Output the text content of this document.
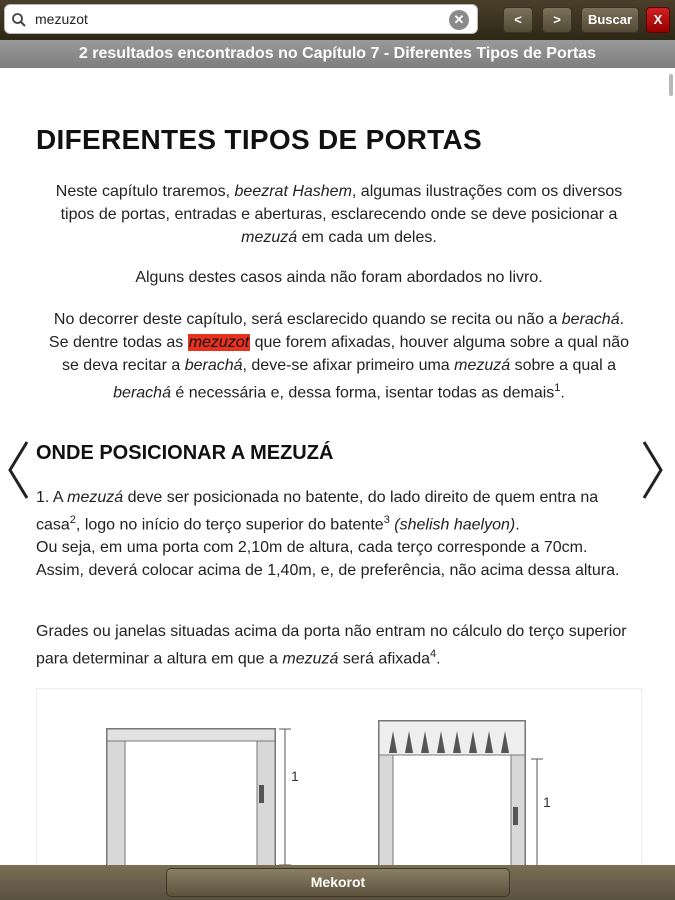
mezuzot	✕	<	>	Buscar	X
2 resultados encontrados no Capítulo 7 - Diferentes Tipos de Portas
DIFERENTES TIPOS DE PORTAS

Neste capítulo traremos, beezrat Hashem, algumas ilustrações com os diversos tipos de portas, entradas e aberturas, esclarecendo onde se deve posicionar a mezuzá em cada um deles.

Alguns destes casos ainda não foram abordados no livro.

No decorrer deste capítulo, será esclarecido quando se recita ou não a berachá. Se dentre todas as mezuzot que forem afixadas, houver alguma sobre a qual não se deva recitar a berachá, deve-se afixar primeiro uma mezuzá sobre a qual a berachá é necessária e, dessa forma, isentar todas as demais$^1$.

ONDE POSICIONAR A MEZUZÁ

1. A mezuzá deve ser posicionada no batente, do lado direito de quem entra na casa$^2$, logo no início do terço superior do batente$^3$ (shelish haelyon).
Ou seja, em uma porta com 2,10m de altura, cada terço corresponde a 70cm. Assim, deverá colocar acima de 1,40m, e, de preferência, não acima dessa altura.

Grades ou janelas situadas acima da porta não entram no cálculo do terço superior para determinar a altura em que a mezuzá será afixada$^4$.

1
1
Mekorot
